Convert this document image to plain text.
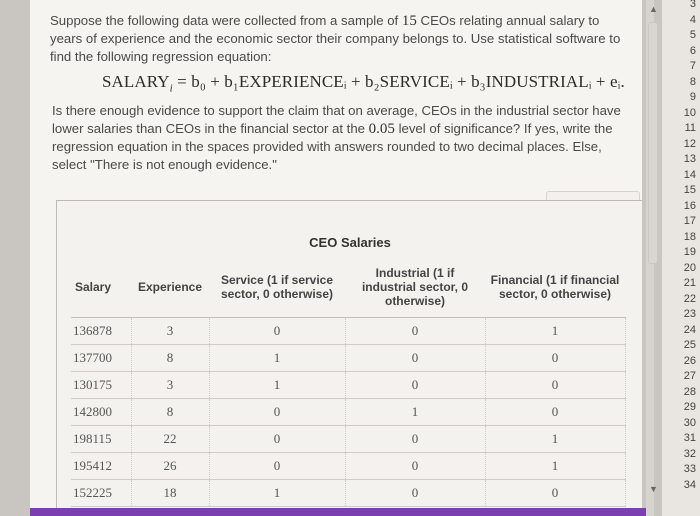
Suppose the following data were collected from a sample of 15 CEOs relating annual salary to years of experience and the economic sector their company belongs to. Use statistical software to find the following regression equation:

$SALARY_i = b_0$ + b₁EXPERIENCEᵢ + b₂SERVICEᵢ + b₃INDUSTRIALᵢ + eᵢ.

Is there enough evidence to support the claim that on average, CEOs in the industrial sector have lower salaries than CEOs in the financial sector at the 0.05 level of significance? If yes, write the regression equation in the spaces provided with answers rounded to two decimal places. Else, select "There is not enough evidence."

CEO Salaries
Salary	Experience	Service (1 if service sector, 0 otherwise)	Industrial (1 if industrial sector, 0 otherwise)	Financial (1 if financial sector, 0 otherwise)
136878	3	0	0	1
137700	8	1	0	0
130175	3	1	0	0
142800	8	0	1	0
198115	22	0	0	1
195412	26	0	0	1
152225	18	1	0	0
▲
▼
3
4
5
6
7
8
9
10
11
12
13
14
15
16
17
18
19
20
21
22
23
24
25
26
27
28
29
30
31
32
33
34
